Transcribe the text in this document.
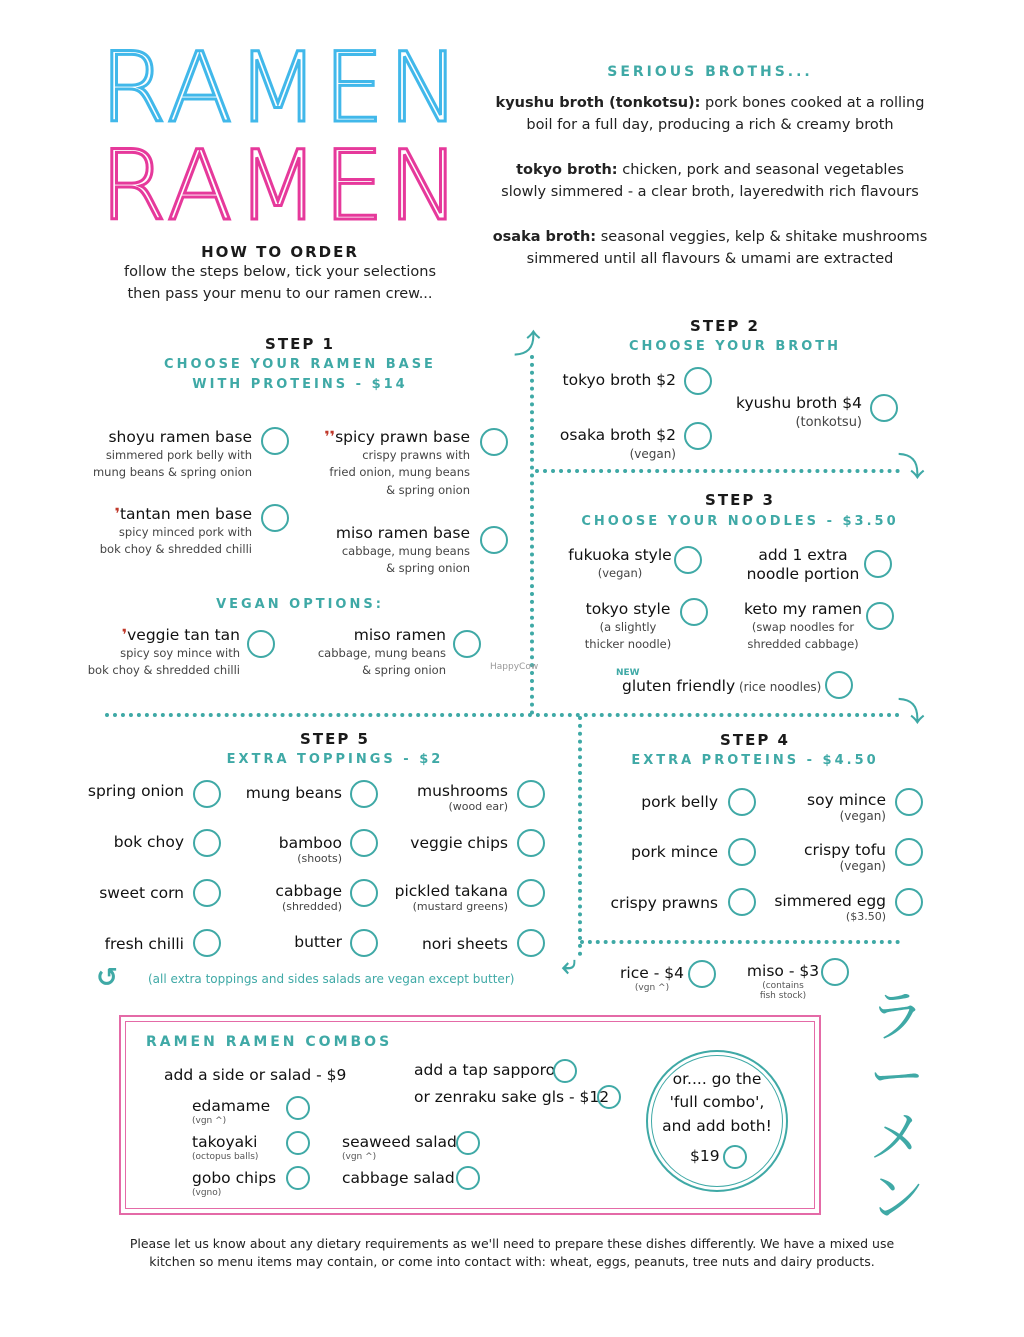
RAMEN
RAMEN
HOW TO ORDER
follow the steps below, tick your selections
then pass your menu to our ramen crew...
SERIOUS BROTHS...
kyushu broth (tonkotsu): pork bones cooked at a rolling
boil for a full day, producing a rich & creamy broth
tokyo broth: chicken, pork and seasonal vegetables
slowly simmered - a clear broth, layeredwith rich flavours
osaka broth: seasonal veggies, kelp & shitake mushrooms
simmered until all flavours & umami are extracted
⤴
⤵
⤵
⤶
↺
STEP 1
CHOOSE YOUR RAMEN BASE
WITH PROTEINS - $14
shoyu ramen base
simmered pork belly with
mung beans & spring onion
❜❜spicy prawn base
crispy prawns with
fried onion, mung beans
& spring onion
❜tantan men base
spicy minced pork with
bok choy & shredded chilli
miso ramen base
cabbage, mung beans
& spring onion
VEGAN OPTIONS:
❜veggie tan tan
spicy soy mince with
bok choy & shredded chilli
miso ramen
cabbage, mung beans
& spring onion	HappyCow
STEP 2
CHOOSE YOUR BROTH
tokyo broth $2
kyushu broth $4
(tonkotsu)
osaka broth $2
(vegan)
STEP 3
CHOOSE YOUR NOODLES - $3.50
fukuoka style
(vegan)
add 1 extra
noodle portion
tokyo style
(a slightly
thicker noodle)
keto my ramen
(swap noodles for
shredded cabbage)
NEW
gluten friendly (rice noodles)
STEP 5
EXTRA TOPPINGS - $2
spring onion	mung beans	mushrooms
(wood ear)
bok choy	bamboo
(shoots)
veggie chips
sweet corn	cabbage
(shredded)
pickled takana
(mustard greens)
fresh chilli	butter	nori sheets
(all extra toppings and sides salads are vegan except butter)
STEP 4
EXTRA PROTEINS - $4.50
pork belly	soy mince
(vegan)
pork mince	crispy tofu
(vegan)
crispy prawns	simmered egg
($3.50)
rice - $4
(vgn ^)
miso - $3
(contains
fish stock)
RAMEN RAMEN COMBOS
add a side or salad - $9
edamame
(vgn ^)
takoyaki
(octopus balls)
gobo chips
(vgno)
seaweed salad
(vgn ^)
cabbage salad
add a tap sapporo
or zenraku sake gls - $12
or.... go the
'full combo',
and add both!
$19
ラ
ー
メ
ン
Please let us know about any dietary requirements as we'll need to prepare these dishes differently. We have a mixed use
kitchen so menu items may contain, or come into contact with: wheat, eggs, peanuts, tree nuts and dairy products.
